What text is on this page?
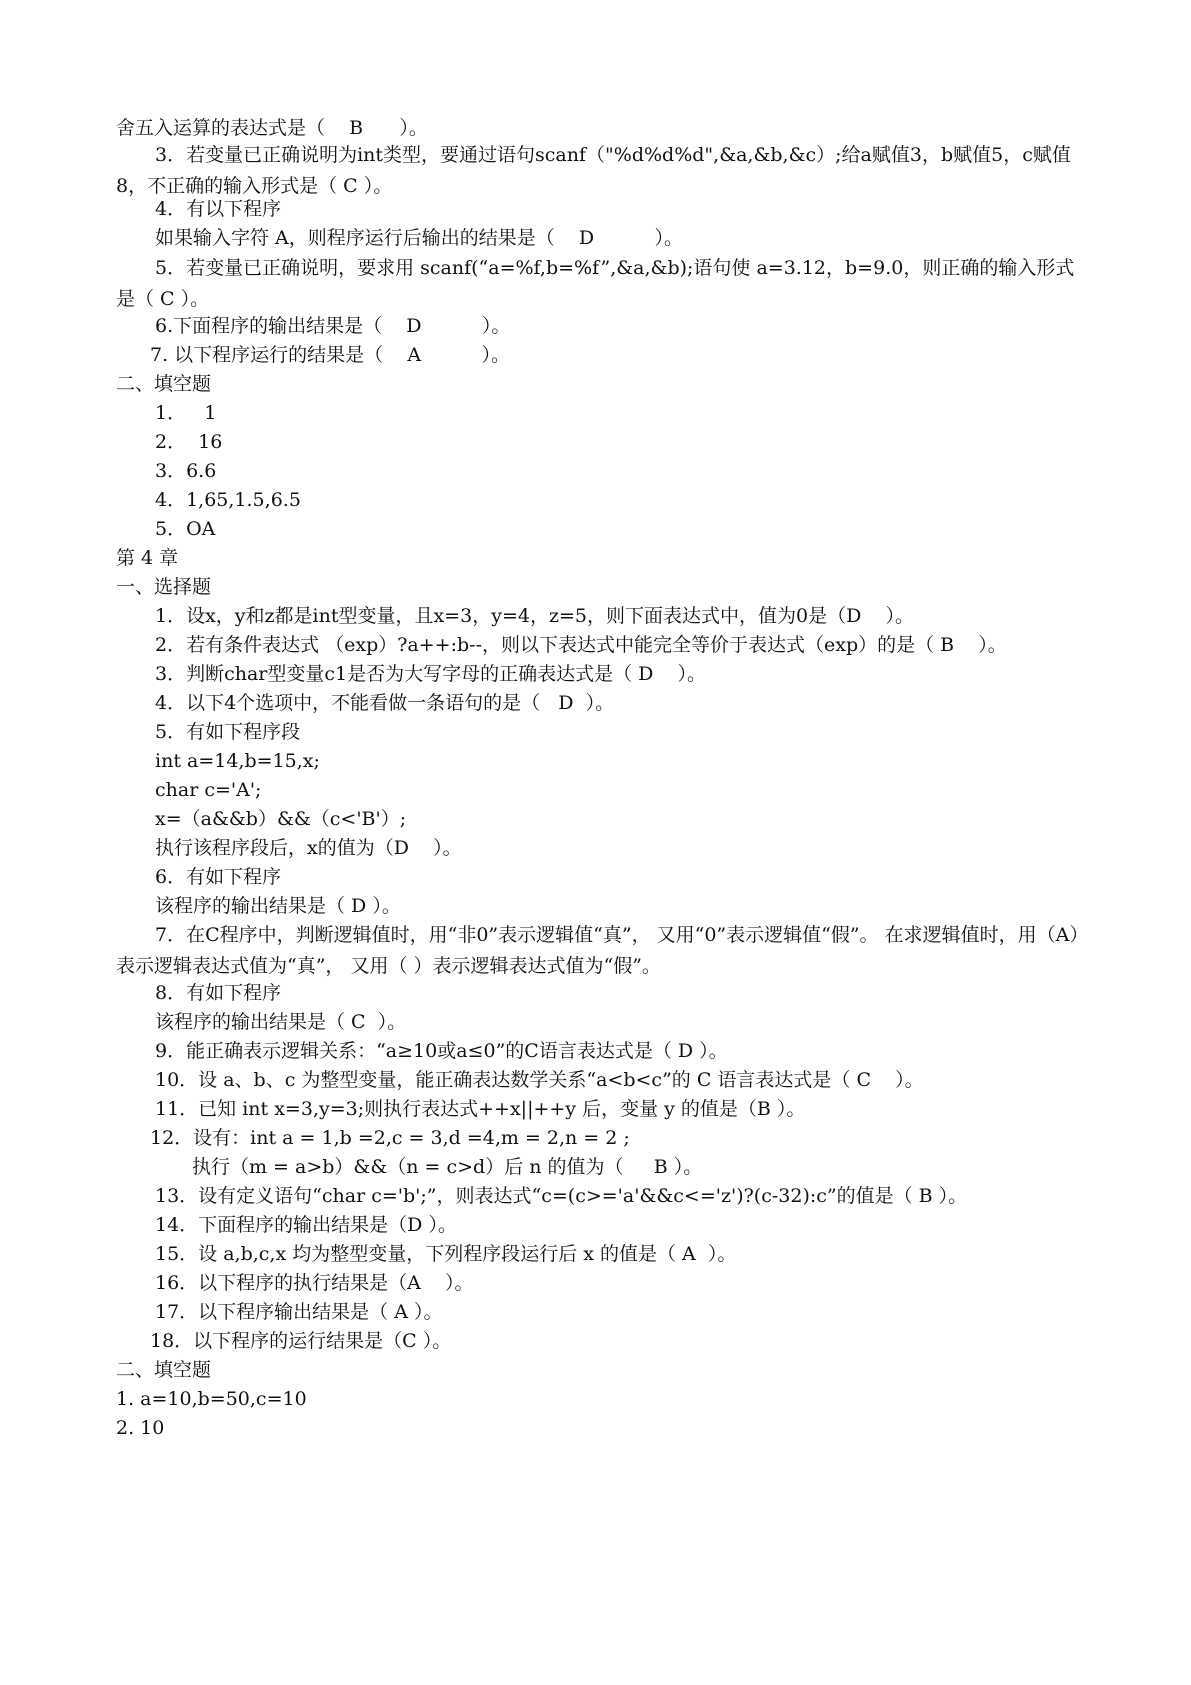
舍五入运算的表达式是（    B      ）。
3．若变量已正确说明为int类型，要通过语句scanf（"%d%d%d",&a,&b,&c）;给a赋值3，b赋值5，c赋值8，不正确的输入形式是（ C ）。
4．有以下程序
如果输入字符 A，则程序运行后输出的结果是（    D          ）。
5．若变量已正确说明，要求用 scanf(“a=%f,b=%f”,&a,&b);语句使 a=3.12，b=9.0，则正确的输入形式是（ C ）。
6.下面程序的输出结果是（    D          ）。
7. 以下程序运行的结果是（    A          ）。
二、填空题
1．   1
2．  16
3．6.6
4．1,65,1.5,6.5
5．OA
第 4 章
一、选择题
1．设x，y和z都是int型变量，且x=3，y=4，z=5，则下面表达式中，值为0是（D    ）。
2．若有条件表达式 （exp）?a++:b--，则以下表达式中能完全等价于表达式（exp）的是（ B    ）。
3．判断char型变量c1是否为大写字母的正确表达式是（ D    ）。
4．以下4个选项中，不能看做一条语句的是（   D  ）。
5．有如下程序段
int a=14,b=15,x;
char c='A';
x=（a&&b）&&（c<'B'）;
执行该程序段后，x的值为（D    ）。
6．有如下程序
该程序的输出结果是（ D ）。
7．在C程序中，判断逻辑值时，用“非0”表示逻辑值“真”， 又用“0”表示逻辑值“假”。 在求逻辑值时，用（A）表示逻辑表达式值为“真”， 又用（ ）表示逻辑表达式值为“假”。
8．有如下程序
该程序的输出结果是（ C  ）。
9．能正确表示逻辑关系：“a≥10或a≤0”的C语言表达式是（ D ）。
10．设 a、b、c 为整型变量，能正确表达数学关系“a<b<c”的 C 语言表达式是（ C    ）。
11．已知 int x=3,y=3;则执行表达式++x||++y 后，变量 y 的值是（B ）。
12．设有：int a = 1,b =2,c = 3,d =4,m = 2,n = 2 ;
执行（m = a>b）&&（n = c>d）后 n 的值为（     B ）。
13．设有定义语句“char c='b';”，则表达式“c=(c>='a'&&c<='z')?(c-32):c”的值是（ B ）。
14．下面程序的输出结果是（D ）。
15．设 a,b,c,x 均为整型变量，下列程序段运行后 x 的值是（ A  ）。
16．以下程序的执行结果是（A    ）。
17．以下程序输出结果是（ A ）。
18．以下程序的运行结果是（C ）。
二、填空题
1. a=10,b=50,c=10
2. 10
